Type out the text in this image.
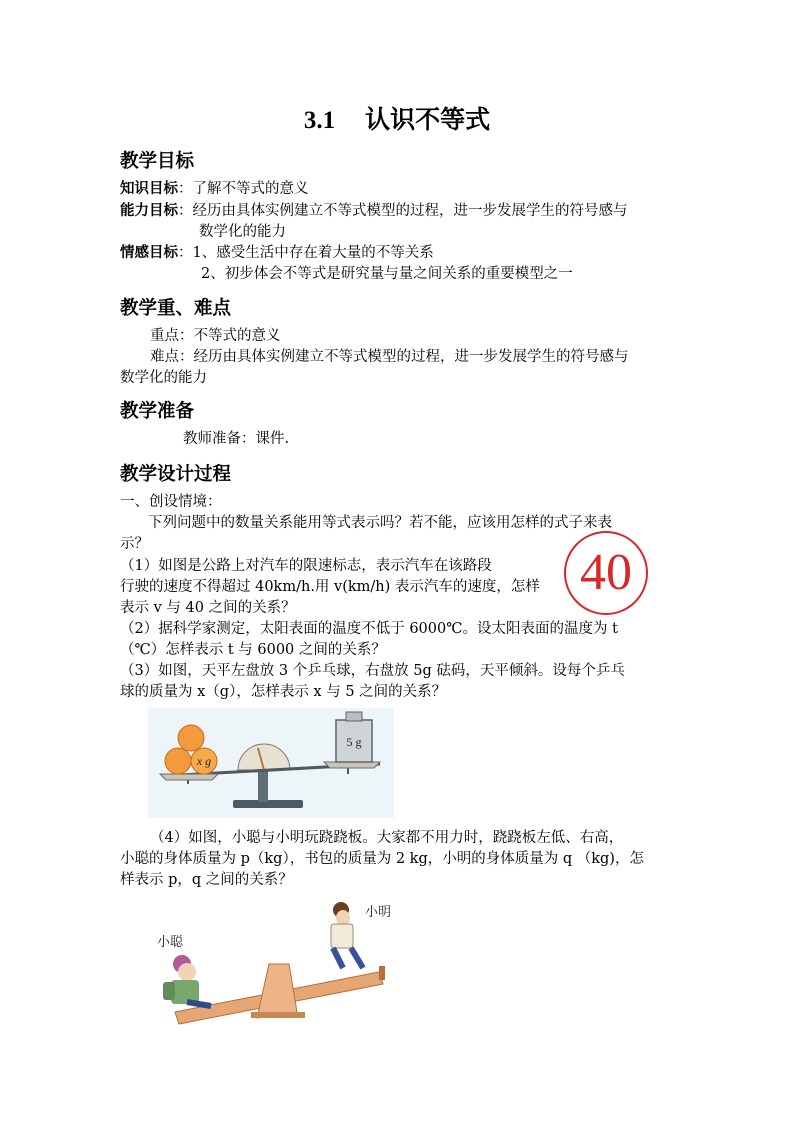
3.1 认识不等式
教学目标
知识目标：了解不等式的意义
能力目标：经历由具体实例建立不等式模型的过程，进一步发展学生的符号感与
数学化的能力
情感目标：1、感受生活中存在着大量的不等关系
2、初步体会不等式是研究量与量之间关系的重要模型之一
教学重、难点
重点：不等式的意义
难点：经历由具体实例建立不等式模型的过程，进一步发展学生的符号感与
数学化的能力
教学准备
教师准备：课件.
教学设计过程
一、创设情境：
下列问题中的数量关系能用等式表示吗？若不能，应该用怎样的式子来表
示？
（1）如图是公路上对汽车的限速标志，表示汽车在该路段
行驶的速度不得超过 40km/h.用 v(km/h) 表示汽车的速度，怎样
表示 v 与 40 之间的关系？
40
（2）据科学家测定，太阳表面的温度不低于 6000℃。设太阳表面的温度为 t
（℃）怎样表示 t 与 6000 之间的关系？
（3）如图，天平左盘放 3 个乒乓球，右盘放 5g 砝码，天平倾斜。设每个乒乓
球的质量为 x（g），怎样表示 x 与 5 之间的关系？
x g
5 g
（4）如图，小聪与小明玩跷跷板。大家都不用力时，跷跷板左低、右高，
小聪的身体质量为 p（kg），书包的质量为 2 kg，小明的身体质量为 q （kg)，怎
样表示 p，q 之间的关系？
小聪
小明
